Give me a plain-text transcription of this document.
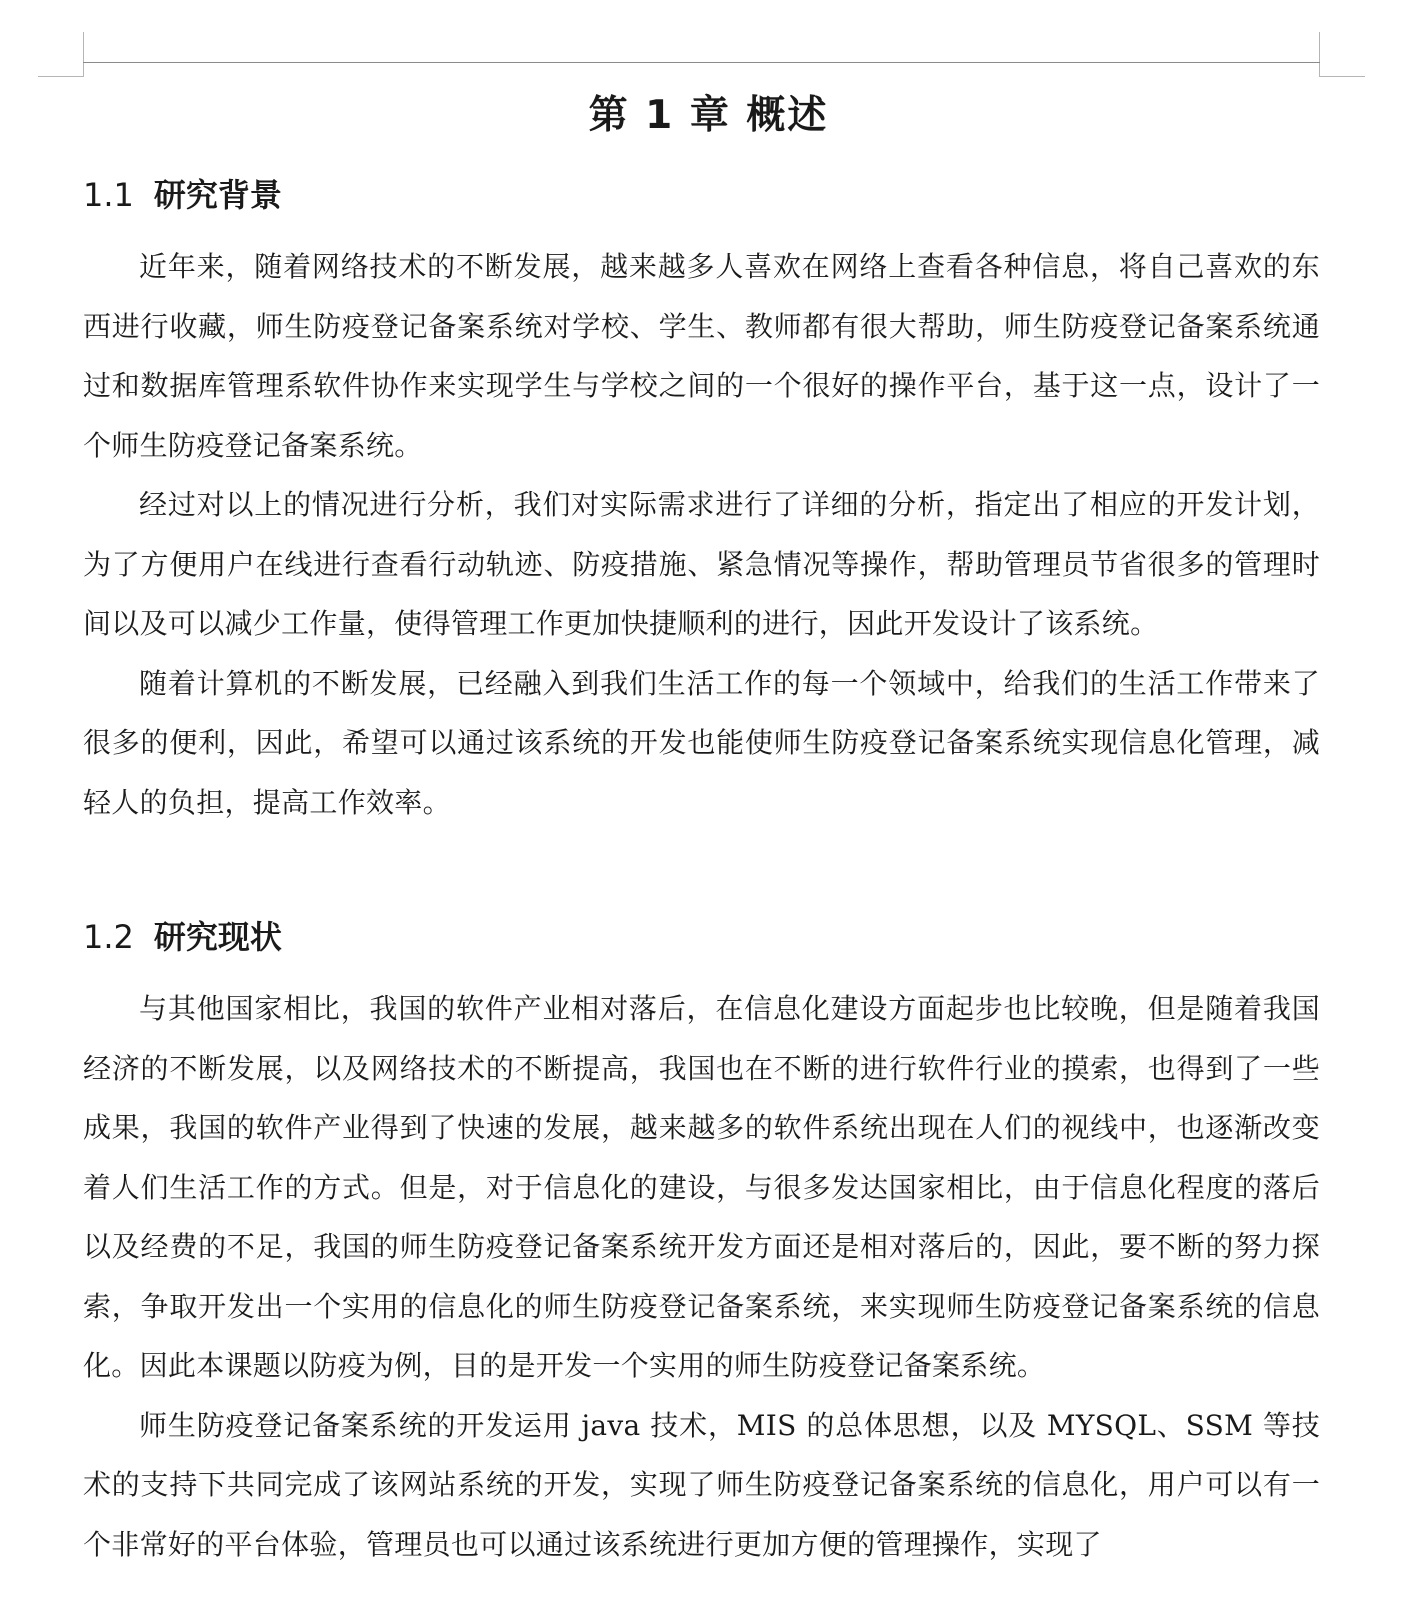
第 1 章 概述
1.1 研究背景

近年来，随着网络技术的不断发展，越来越多人喜欢在网络上查看各种信息，将自己喜欢的东西进行收藏，师生防疫登记备案系统对学校、学生、教师都有很大帮助，师生防疫登记备案系统通过和数据库管理系软件协作来实现学生与学校之间的一个很好的操作平台，基于这一点，设计了一个师生防疫登记备案系统。

经过对以上的情况进行分析，我们对实际需求进行了详细的分析，指定出了相应的开发计划，为了方便用户在线进行查看行动轨迹、防疫措施、紧急情况等操作，帮助管理员节省很多的管理时间以及可以减少工作量，使得管理工作更加快捷顺利的进行，因此开发设计了该系统。

随着计算机的不断发展，已经融入到我们生活工作的每一个领域中，给我们的生活工作带来了很多的便利，因此，希望可以通过该系统的开发也能使师生防疫登记备案系统实现信息化管理，减轻人的负担，提高工作效率。

1.2 研究现状

与其他国家相比，我国的软件产业相对落后，在信息化建设方面起步也比较晚，但是随着我国经济的不断发展，以及网络技术的不断提高，我国也在不断的进行软件行业的摸索，也得到了一些成果，我国的软件产业得到了快速的发展，越来越多的软件系统出现在人们的视线中，也逐渐改变着人们生活工作的方式。但是，对于信息化的建设，与很多发达国家相比，由于信息化程度的落后以及经费的不足，我国的师生防疫登记备案系统开发方面还是相对落后的，因此，要不断的努力探索，争取开发出一个实用的信息化的师生防疫登记备案系统，来实现师生防疫登记备案系统的信息化。因此本课题以防疫为例，目的是开发一个实用的师生防疫登记备案系统。

师生防疫登记备案系统的开发运用 java 技术，MIS 的总体思想，以及 MYSQL、SSM 等技术的支持下共同完成了该网站系统的开发，实现了师生防疫登记备案系统的信息化，用户可以有一个非常好的平台体验，管理员也可以通过该系统进行更加方便的管理操作，实现了
